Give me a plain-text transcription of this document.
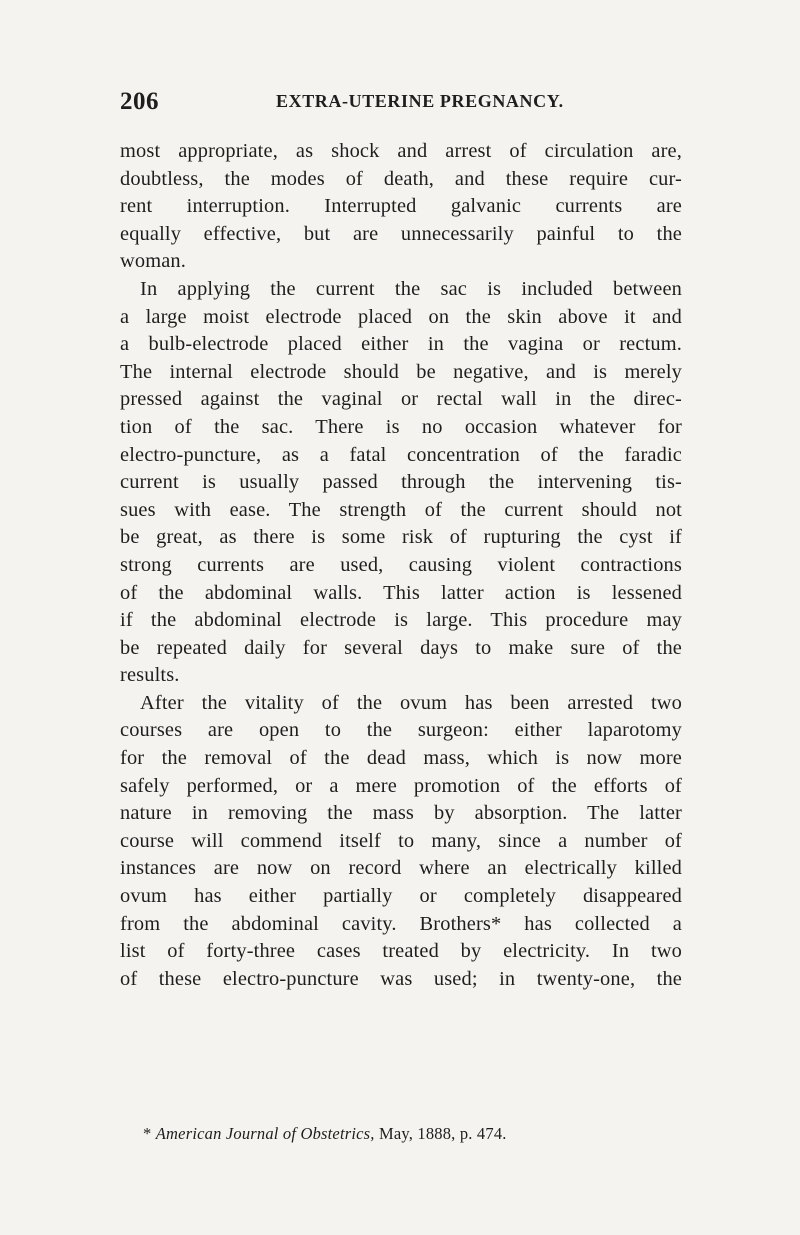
206	EXTRA-UTERINE PREGNANCY.
most appropriate, as shock and arrest of circulation are,
doubtless, the modes of death, and these require cur-
rent interruption. Interrupted galvanic currents are
equally effective, but are unnecessarily painful to the
woman.
In applying the current the sac is included between
a large moist electrode placed on the skin above it and
a bulb-electrode placed either in the vagina or rectum.
The internal electrode should be negative, and is merely
pressed against the vaginal or rectal wall in the direc-
tion of the sac. There is no occasion whatever for
electro-puncture, as a fatal concentration of the faradic
current is usually passed through the intervening tis-
sues with ease. The strength of the current should not
be great, as there is some risk of rupturing the cyst if
strong currents are used, causing violent contractions
of the abdominal walls. This latter action is lessened
if the abdominal electrode is large. This procedure may
be repeated daily for several days to make sure of the
results.
After the vitality of the ovum has been arrested two
courses are open to the surgeon: either laparotomy
for the removal of the dead mass, which is now more
safely performed, or a mere promotion of the efforts of
nature in removing the mass by absorption. The latter
course will commend itself to many, since a number of
instances are now on record where an electrically killed
ovum has either partially or completely disappeared
from the abdominal cavity. Brothers* has collected a
list of forty-three cases treated by electricity. In two
of these electro-puncture was used; in twenty-one, the
* American Journal of Obstetrics, May, 1888, p. 474.
